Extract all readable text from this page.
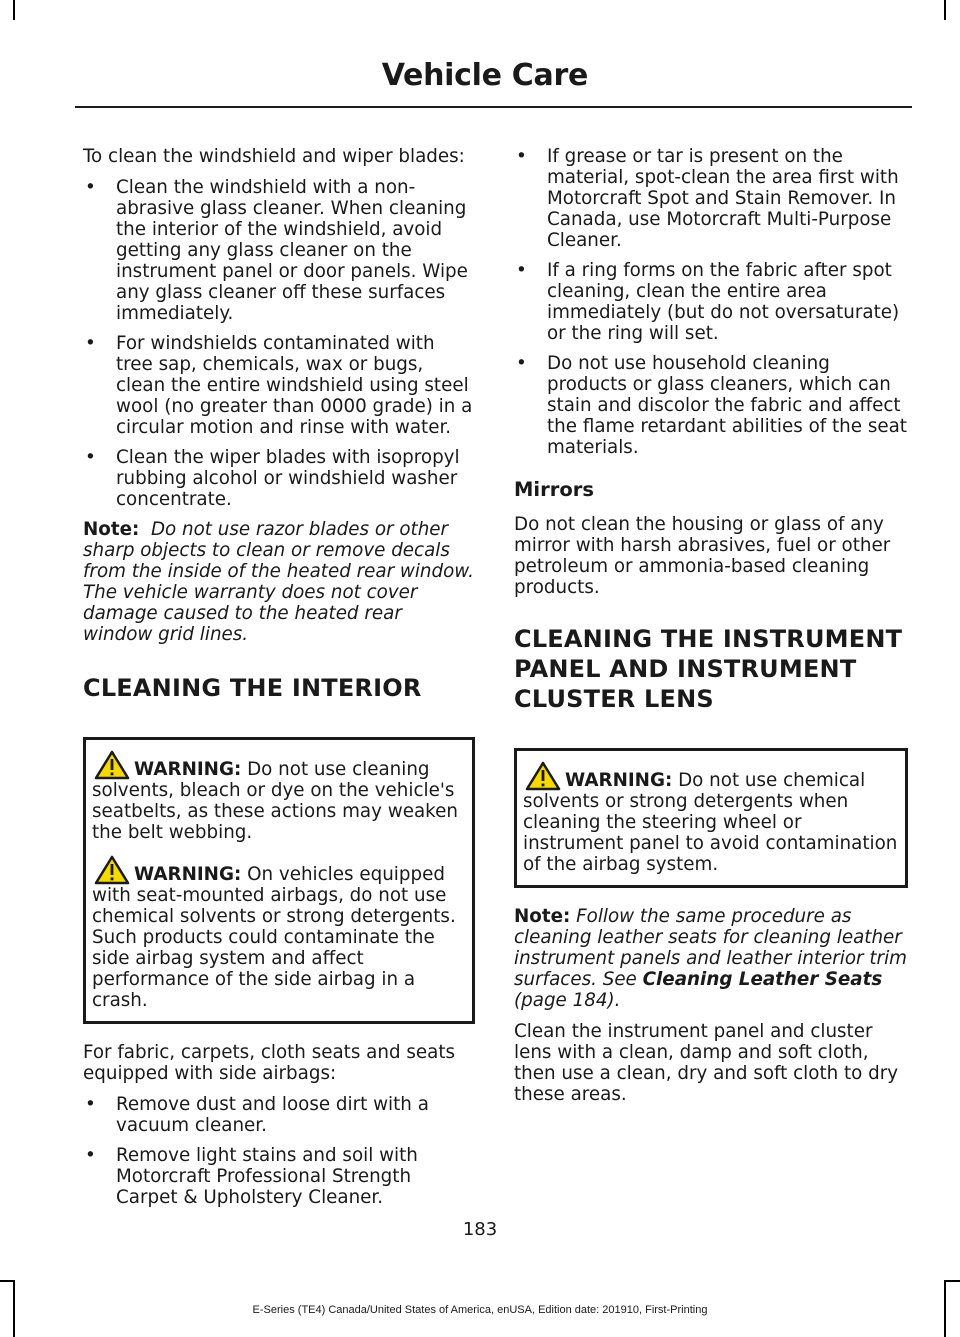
Vehicle Care

To clean the windshield and wiper blades:

• Clean the windshield with a non-abrasive glass cleaner. When cleaning the interior of the windshield, avoid getting any glass cleaner on the instrument panel or door panels. Wipe any glass cleaner off these surfaces immediately.
• For windshields contaminated with tree sap, chemicals, wax or bugs, clean the entire windshield using steel wool (no greater than 0000 grade) in a circular motion and rinse with water.
• Clean the wiper blades with isopropyl rubbing alcohol or windshield washer concentrate.

Note: Do not use razor blades or other sharp objects to clean or remove decals from the inside of the heated rear window. The vehicle warranty does not cover damage caused to the heated rear window grid lines.

CLEANING THE INTERIOR

WARNING: Do not use cleaning solvents, bleach or dye on the vehicle's seatbelts, as these actions may weaken the belt webbing.

WARNING: On vehicles equipped with seat-mounted airbags, do not use chemical solvents or strong detergents. Such products could contaminate the side airbag system and affect performance of the side airbag in a crash.

For fabric, carpets, cloth seats and seats equipped with side airbags:

• Remove dust and loose dirt with a vacuum cleaner.
• Remove light stains and soil with Motorcraft Professional Strength Carpet & Upholstery Cleaner.
• If grease or tar is present on the material, spot-clean the area first with Motorcraft Spot and Stain Remover. In Canada, use Motorcraft Multi-Purpose Cleaner.
• If a ring forms on the fabric after spot cleaning, clean the entire area immediately (but do not oversaturate) or the ring will set.
• Do not use household cleaning products or glass cleaners, which can stain and discolor the fabric and affect the flame retardant abilities of the seat materials.
Mirrors

Do not clean the housing or glass of any mirror with harsh abrasives, fuel or other petroleum or ammonia-based cleaning products.

CLEANING THE INSTRUMENT
PANEL AND INSTRUMENT
CLUSTER LENS

WARNING: Do not use chemical solvents or strong detergents when cleaning the steering wheel or instrument panel to avoid contamination of the airbag system.

Note: Follow the same procedure as cleaning leather seats for cleaning leather instrument panels and leather interior trim surfaces. See Cleaning Leather Seats (page 184).

Clean the instrument panel and cluster lens with a clean, damp and soft cloth, then use a clean, dry and soft cloth to dry these areas.

183
E-Series (TE4) Canada/United States of America, enUSA, Edition date: 201910, First-Printing
